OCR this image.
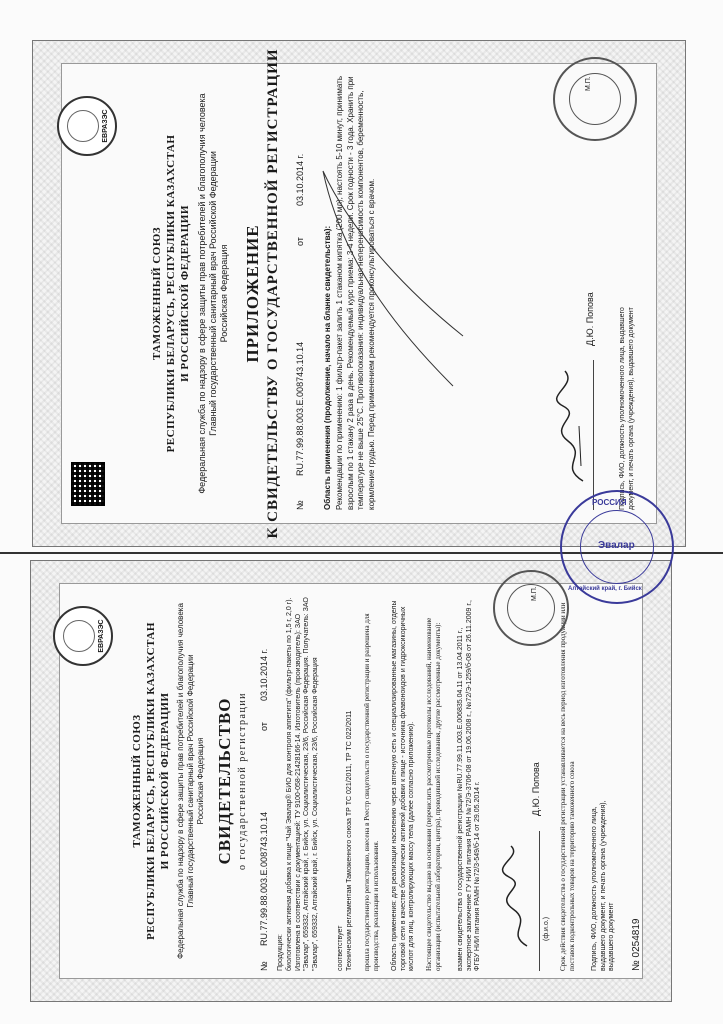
ЕВРАЗЭС
ТАМОЖЕННЫЙ СОЮЗ РЕСПУБЛИКИ БЕЛАРУСЬ, РЕСПУБЛИКИ КАЗАХСТАН И РОССИЙСКОЙ ФЕДЕРАЦИИ Федеральная служба по надзору в сфере защиты прав потребителей и благополучия человека Главный государственный санитарный врач Российской Федерации Российская Федерация ПРИЛОЖЕНИЕ К СВИДЕТЕЛЬСТВУ О ГОСУДАРСТВЕННОЙ РЕГИСТРАЦИИ №
RU.77.99.88.003.Е.008743.10.14
от
03.10.2014 г.
Область применения (продолжение, начало на бланке свидетельства): Рекомендации по применению: 1 фильтр-пакет залить 1 стаканом кипятка (200 мл), настоять 5-10 минут, принимать взрослым по 1 стакану 2 раза в день. Рекомендуемый курс приема: 3-4 недели. Срок годности - 3 года. Хранить при температуре не выше 25°С. Противопоказания: индивидуальная непереносимость компонентов, беременность, кормление грудью. Перед применением рекомендуется проконсультироваться с врачом.	Д.Ю. Попова
М.П.
Подпись, ФИО, должность уполномоченного лица, выдавшего документ, и печать органа (учреждения), выдавшего документ
ЕВРАЗЭС
ТАМОЖЕННЫЙ СОЮЗ РЕСПУБЛИКИ БЕЛАРУСЬ, РЕСПУБЛИКИ КАЗАХСТАН И РОССИЙСКОЙ ФЕДЕРАЦИИ Федеральная служба по надзору в сфере защиты прав потребителей и благополучия человека Главный государственный санитарный врач Российской Федерации Российская Федерация СВИДЕТЕЛЬСТВО о государственной регистрации
№
RU.77.99.88.003.Е.008743.10.14
от
03.10.2014 г.
Продукция: биологически активная добавка к пище "Чай Эвалар® БИО для контроля аппетита" (фильтр-пакеты по 1,5 г, 2,0 г). Изготовлена в соответствии с документацией: ТУ 9100-058-21428166-14. Изготовитель (производитель): ЗАО "Эвалар", 659332, Алтайский край, г. Бийск, ул. Социалистическая, 23/6, Российская Федерация. Получатель: ЗАО "Эвалар", 659332, Алтайский край, г. Бийск, ул. Социалистическая, 23/6, Российская Федерация	соответствует Техническим регламентам Таможенного союза ТР ТС 021/2011, ТР ТС 022/2011 прошла государственную регистрацию, внесена в Реестр свидетельств о государственной регистрации и разрешена для производства, реализации и использования. Область применения: для реализации населению через аптечную сеть и специализированные магазины, отделы торговой сети в качестве биологически активной добавки к пище - источника флавоноидов и гидроксикоричных кислот для лиц, контролирующих массу тела (далее согласно приложению). Настоящее свидетельство выдано на основании (перечислить рассмотренные протоколы исследований, наименование организации (испытательной лаборатории, центра), проводившей исследования, другие рассмотренные документы): взамен свидетельства о государственной регистрации №RU.77.99.11.003.Е.006835.04.11 от 13.04.2011 г., экспертное заключение ГУ НИИ питания РАМН №72/Э-3706-08 от 19.06.2008 г., №72/Э-1259/б-08 от 26.11.2009 г., ФГБУ НИИ питания РАМН №72/3-549/б-14 от 29.05.2014 г.	Д.Ю. Попова
(ф.и.о.)
М.П.
Срок действия свидетельства о государственной регистрации устанавливается на весь период изготовления продукции или поставок подконтрольных товаров на территорию таможенного союза Подпись, ФИО, должность уполномоченного лица, выдавшего документ, и печать органа (учреждения), выдавшего документ № 0254819
РОССИЯ
Эвалар
Алтайский край, г. Бийск
